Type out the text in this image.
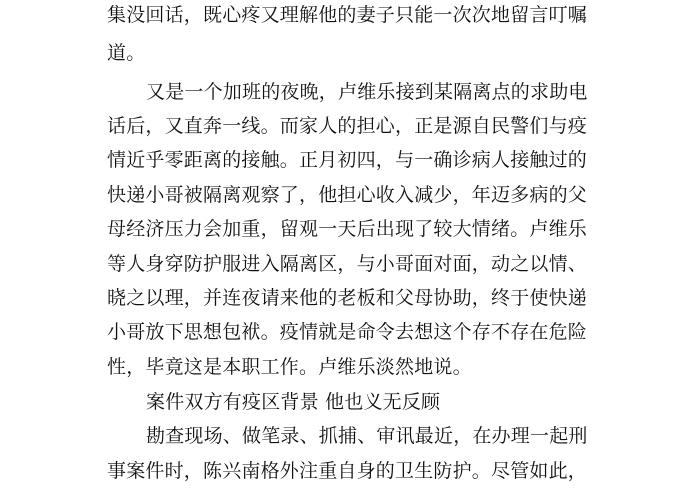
集没回话，既心疼又理解他的妻子只能一次次地留言叮嘱
道。
又是一个加班的夜晚，卢维乐接到某隔离点的求助电
话后，又直奔一线。而家人的担心，正是源自民警们与疫
情近乎零距离的接触。正月初四，与一确诊病人接触过的
快递小哥被隔离观察了，他担心收入减少，年迈多病的父
母经济压力会加重，留观一天后出现了较大情绪。卢维乐
等人身穿防护服进入隔离区，与小哥面对面，动之以情、
晓之以理，并连夜请来他的老板和父母协助，终于使快递
小哥放下思想包袱。疫情就是命令去想这个存不存在危险
性，毕竟这是本职工作。卢维乐淡然地说。
案件双方有疫区背景 他也义无反顾
勘查现场、做笔录、抓捕、审讯最近，在办理一起刑
事案件时，陈兴南格外注重自身的卫生防护。尽管如此，
